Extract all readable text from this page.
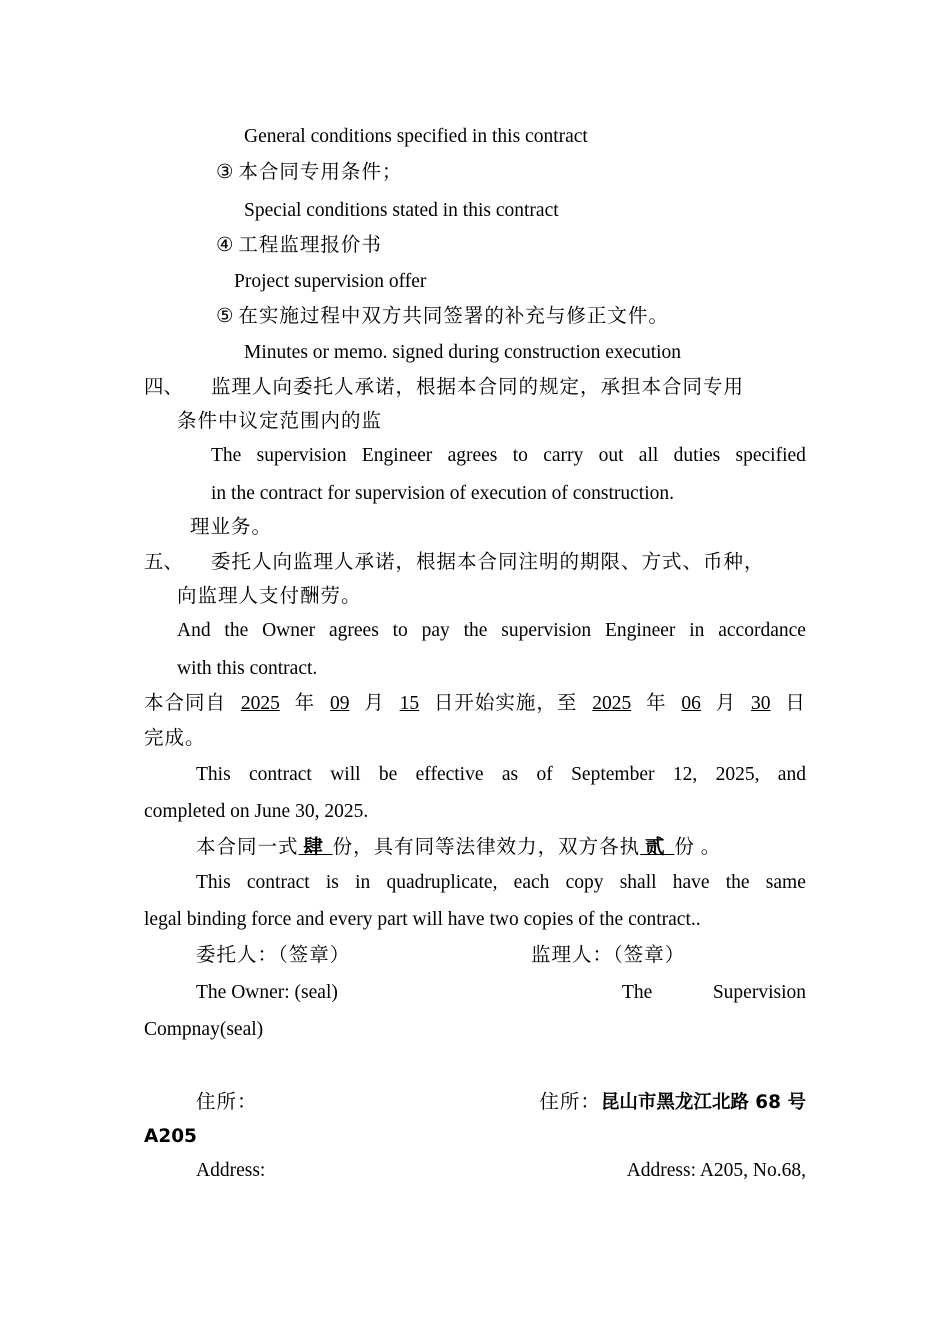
General conditions specified in this contract
③ 本合同专用条件；
Special conditions stated in this contract
④ 工程监理报价书
Project supervision offer
⑤ 在实施过程中双方共同签署的补充与修正文件。
Minutes or memo. signed during construction execution
四、 监理人向委托人承诺，根据本合同的规定，承担本合同专用
条件中议定范围内的监
The supervision Engineer agrees to carry out all duties specified
in the contract for supervision of execution of construction.
理业务。
五、 委托人向监理人承诺，根据本合同注明的期限、方式、币种，
向监理人支付酬劳。
And the Owner agrees to pay the supervision Engineer in accordance
with this contract.
本合同自 2025 年 09 月 15 日开始实施，至 2025 年 06 月 30 日
完成。
This contract will be effective as of September 12, 2025, and
completed on June 30, 2025.
本合同一式 肆 份，具有同等法律效力，双方各执 贰 份 。
This contract is in quadruplicate, each copy shall have the same
legal binding force and every part will have two copies of the contract..
委托人：（签章）	监理人：（签章）
The Owner: (seal)	The	Supervision
Compnay(seal)
住所：	住所：昆山市黑龙江北路 68 号
A205
Address:	Address: A205, No.68,
